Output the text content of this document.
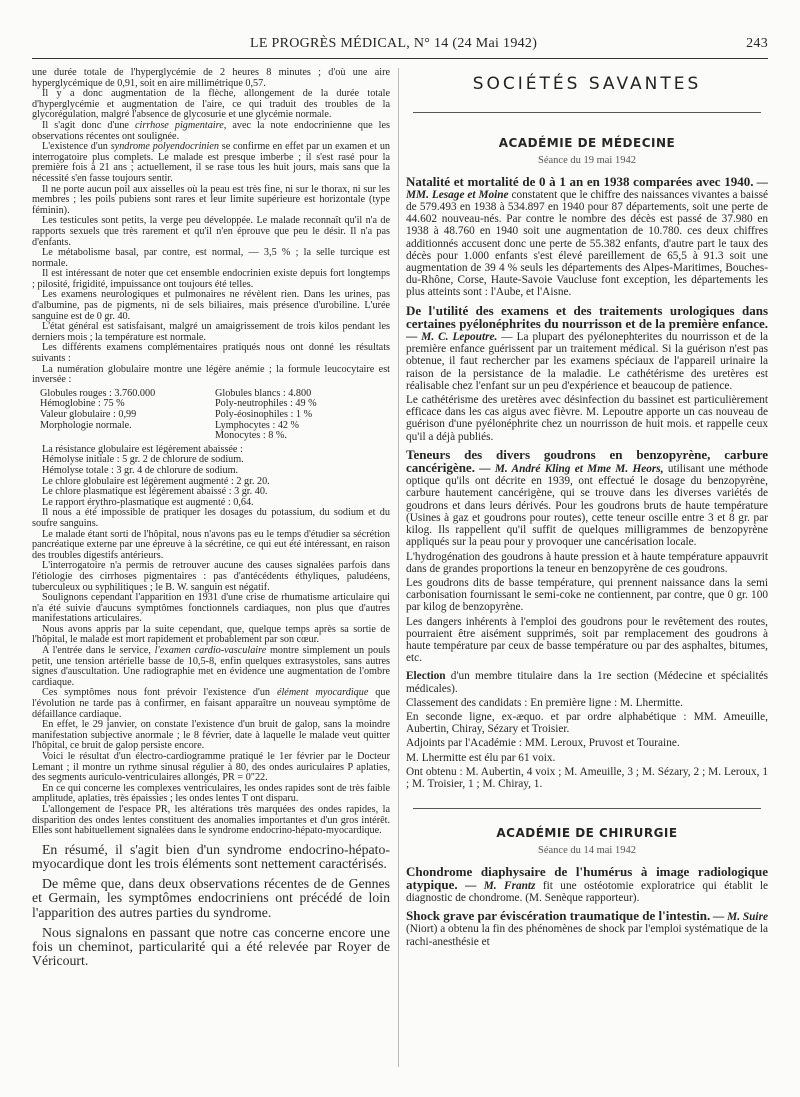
LE PROGRÈS MÉDICAL, N° 14 (24 Mai 1942)	243

une durée totale de l'hyperglycémie de 2 heures 8 minutes ; d'où une aire hyperglycémique de 0,91, soit en aire millimétrique 0,57.

Il y a donc augmentation de la flèche, allongement de la durée totale d'hyperglycémie et augmentation de l'aire, ce qui traduit des troubles de la glycorégulation, malgré l'absence de glycosurie et une glycémie normale.

Il s'agit donc d'une cirrhose pigmentaire, avec la note endocrinienne que les observations récentes ont soulignée.

L'existence d'un syndrome polyendocrinien se confirme en effet par un examen et un interrogatoire plus complets. Le malade est presque imberbe ; il s'est rasé pour la première fois à 21 ans ; actuellement, il se rase tous les huit jours, mais sans que la nécessité s'en fasse toujours sentir.

Il ne porte aucun poil aux aisselles où la peau est très fine, ni sur le thorax, ni sur les membres ; les poils pubiens sont rares et leur limite supérieure est horizontale (type féminin).

Les testicules sont petits, la verge peu développée. Le malade reconnaît qu'il n'a de rapports sexuels que très rarement et qu'il n'en éprouve que peu le désir. Il n'a pas d'enfants.

Le métabolisme basal, par contre, est normal, — 3,5 % ; la selle turcique est normale.

Il est intéressant de noter que cet ensemble endocrinien existe depuis fort longtemps ; pilosité, frigidité, impuissance ont toujours été telles.

Les examens neurologiques et pulmonaires ne révèlent rien. Dans les urines, pas d'albumine, pas de pigments, ni de sels biliaires, mais présence d'urobiline. L'urée sanguine est de 0 gr. 40.

L'état général est satisfaisant, malgré un amaigrissement de trois kilos pendant les derniers mois ; la température est normale.

Les différents examens complémentaires pratiqués nous ont donné les résultats suivants :

La numération globulaire montre une légère anémie ; la formule leucocytaire est inversée :

Globules rouges : 3.760.000
Hémoglobine : 75 %
Valeur globulaire : 0,99
Morphologie normale.
Globules blancs : 4.800
Poly-neutrophiles : 49 %
Poly-éosinophiles : 1 %
Lymphocytes : 42 %
Monocytes : 8 %.

La résistance globulaire est légèrement abaissée :

Hémolyse initiale : 5 gr. 2 de chlorure de sodium.
Hémolyse totale : 3 gr. 4 de chlorure de sodium.
Le chlore globulaire est légèrement augmenté : 2 gr. 20.
Le chlore plasmatique est légèrement abaissé : 3 gr. 40.
Le rapport érythro-plasmatique est augmenté : 0,64.

Il nous a été impossible de pratiquer les dosages du potassium, du sodium et du soufre sanguins.

Le malade étant sorti de l'hôpital, nous n'avons pas eu le temps d'étudier sa sécrétion pancréatique externe par une épreuve à la sécrétine, ce qui eut été intéressant, en raison des troubles digestifs antérieurs.

L'interrogatoire n'a permis de retrouver aucune des causes signalées parfois dans l'étiologie des cirrhoses pigmentaires : pas d'antécédents éthyliques, paludéens, tuberculeux ou syphilitiques ; le B. W. sanguin est négatif.

Soulignons cependant l'apparition en 1931 d'une crise de rhumatisme articulaire qui n'a été suivie d'aucuns symptômes fonctionnels cardiaques, non plus que d'autres manifestations articulaires.

Nous avons appris par la suite cependant, que, quelque temps après sa sortie de l'hôpital, le malade est mort rapidement et probablement par son cœur.

A l'entrée dans le service, l'examen cardio-vasculaire montre simplement un pouls petit, une tension artérielle basse de 10,5-8, enfin quelques extrasystoles, sans autres signes d'auscultation. Une radiographie met en évidence une augmentation de l'ombre cardiaque.

Ces symptômes nous font prévoir l'existence d'un élément myocardique que l'évolution ne tarde pas à confirmer, en faisant apparaître un nouveau symptôme de défaillance cardiaque.

En effet, le 29 janvier, on constate l'existence d'un bruit de galop, sans la moindre manifestation subjective anormale ; le 8 février, date à laquelle le malade veut quitter l'hôpital, ce bruit de galop persiste encore.

Voici le résultat d'un électro-cardiogramme pratiqué le 1er février par le Docteur Lemant ; il montre un rythme sinusal régulier à 80, des ondes auriculaires P aplaties, des segments auriculo-ventriculaires allongés, PR = 0"22.

En ce qui concerne les complexes ventriculaires, les ondes rapides sont de très faible amplitude, aplaties, très épaissies ; les ondes lentes T ont disparu.

L'allongement de l'espace PR, les altérations très marquées des ondes rapides, la disparition des ondes lentes constituent des anomalies importantes et d'un gros intérêt. Elles sont habituellement signalées dans le syndrome endocrino-hépato-myocardique.

En résumé, il s'agit bien d'un syndrome endocrino-hépato-myocardique dont les trois éléments sont nettement caractérisés.

De même que, dans deux observations récentes de de Gennes et Germain, les symptômes endocriniens ont précédé de loin l'apparition des autres parties du syndrome.

Nous signalons en passant que notre cas concerne encore une fois un cheminot, particularité qui a été relevée par Royer de Véricourt.

SOCIÉTÉS SAVANTES
ACADÉMIE DE MÉDECINE
Séance du 19 mai 1942

Natalité et mortalité de 0 à 1 an en 1938 comparées avec 1940. — MM. Lesage et Moine constatent que le chiffre des naissances vivantes a baissé de 579.493 en 1938 à 534.897 en 1940 pour 87 départements, soit une perte de 44.602 nouveau-nés. Par contre le nombre des décès est passé de 37.980 en 1938 à 48.760 en 1940 soit une augmentation de 10.780. ces deux chiffres additionnés accusent donc une perte de 55.382 enfants, d'autre part le taux des décès pour 1.000 enfants s'est élevé pareillement de 65,5 à 91.3 soit une augmentation de 39 4 % seuls les départements des Alpes-Maritimes, Bouches-du-Rhône, Corse, Haute-Savoie Vaucluse font exception, les départements les plus atteints sont : l'Aube, et l'Aisne.

De l'utilité des examens et des traitements urologiques dans certaines pyélonéphrites du nourrisson et de la première enfance. — M. C. Lepoutre. — La plupart des pyélonephterites du nourrisson et de la première enfance guérissent par un traitement médical. Si la guérison n'est pas obtenue, il faut rechercher par les examens spéciaux de l'appareil urinaire la raison de la persistance de la maladie. Le cathétérisme des uretères est réalisable chez l'enfant sur un peu d'expérience et beaucoup de patience.

Le cathétérisme des uretères avec désinfection du bassinet est particulièrement efficace dans les cas aigus avec fièvre. M. Lepoutre apporte un cas nouveau de guérison d'une pyélonéphrite chez un nourrisson de huit mois. et rappelle ceux qu'il a déjà publiés.

Teneurs des divers goudrons en benzopyrène, carbure cancérigène. — M. André Kling et Mme M. Heors, utilisant une méthode optique qu'ils ont décrite en 1939, ont effectué le dosage du benzopyrène, carbure hautement cancérigène, qui se trouve dans les diverses variétés de goudrons et dans leurs dérivés. Pour les goudrons bruts de haute température (Usines à gaz et goudrons pour routes), cette teneur oscille entre 3 et 8 gr. par kilog. Ils rappellent qu'il suffit de quelques milligrammes de benzopyrène appliqués sur la peau pour y provoquer une cancérisation locale.

L'hydrogénation des goudrons à haute pression et à haute température appauvrit dans de grandes proportions la teneur en benzopyrène de ces goudrons.

Les goudrons dits de basse température, qui prennent naissance dans la semi carbonisation fournissant le semi-coke ne contiennent, par contre, que 0 gr. 100 par kilog de benzopyrène.

Les dangers inhérents à l'emploi des goudrons pour le revêtement des routes, pourraient être aisément supprimés, soit par remplacement des goudrons à haute température par ceux de basse température ou par des asphaltes, bitumes, etc.

Election d'un membre titulaire dans la 1re section (Médecine et spécialités médicales).

Classement des candidats : En première ligne : M. Lhermitte.

En seconde ligne, ex-æquo. et par ordre alphabétique : MM. Ameuille, Aubertin, Chiray, Sézary et Troisier.

Adjoints par l'Académie : MM. Leroux, Pruvost et Touraine.

M. Lhermitte est élu par 61 voix.

Ont obtenu : M. Aubertin, 4 voix ; M. Ameuille, 3 ; M. Sézary, 2 ; M. Leroux, 1 ; M. Troisier, 1 ; M. Chiray, 1.

ACADÉMIE DE CHIRURGIE
Séance du 14 mai 1942

Chondrome diaphysaire de l'humérus à image radiologique atypique. — M. Frantz fit une ostéotomie exploratrice qui établit le diagnostic de chondrome. (M. Senèque rapporteur).

Shock grave par éviscération traumatique de l'intestin. — M. Suire (Niort) a obtenu la fin des phénomènes de shock par l'emploi systématique de la rachi-anesthésie et
